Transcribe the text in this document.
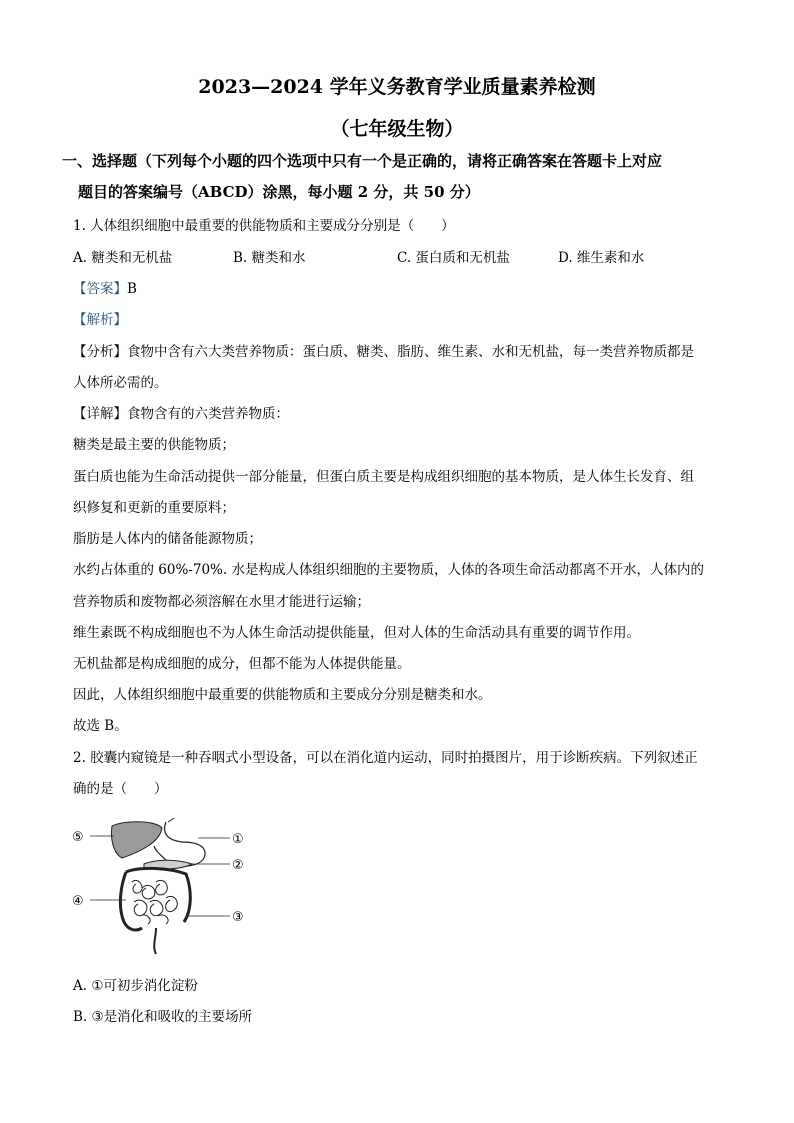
2023—2024 学年义务教育学业质量素养检测
（七年级生物）
一、选择题（下列每个小题的四个选项中只有一个是正确的，请将正确答案在答题卡上对应
题目的答案编号（ABCD）涂黑，每小题 2 分，共 50 分）
1. 人体组织细胞中最重要的供能物质和主要成分分别是（　　）
A. 糖类和无机盐	B. 糖类和水	C. 蛋白质和无机盐	D. 维生素和水
【答案】B
【解析】
【分析】食物中含有六大类营养物质：蛋白质、糖类、脂肪、维生素、水和无机盐，每一类营养物质都是
人体所必需的。
【详解】食物含有的六类营养物质：
糖类是最主要的供能物质；
蛋白质也能为生命活动提供一部分能量，但蛋白质主要是构成组织细胞的基本物质，是人体生长发育、组
织修复和更新的重要原料；
脂肪是人体内的储备能源物质；
水约占体重的 60%-70%. 水是构成人体组织细胞的主要物质，人体的各项生命活动都离不开水，人体内的
营养物质和废物都必须溶解在水里才能进行运输；
维生素既不构成细胞也不为人体生命活动提供能量，但对人体的生命活动具有重要的调节作用。
无机盐都是构成细胞的成分，但都不能为人体提供能量。
因此，人体组织细胞中最重要的供能物质和主要成分分别是糖类和水。
故选 B。
2. 胶囊内窥镜是一种吞咽式小型设备，可以在消化道内运动，同时拍摄图片，用于诊断疾病。下列叙述正
确的是（　　）
⑤	①
②
④
③
A. ①可初步消化淀粉
B. ③是消化和吸收的主要场所
